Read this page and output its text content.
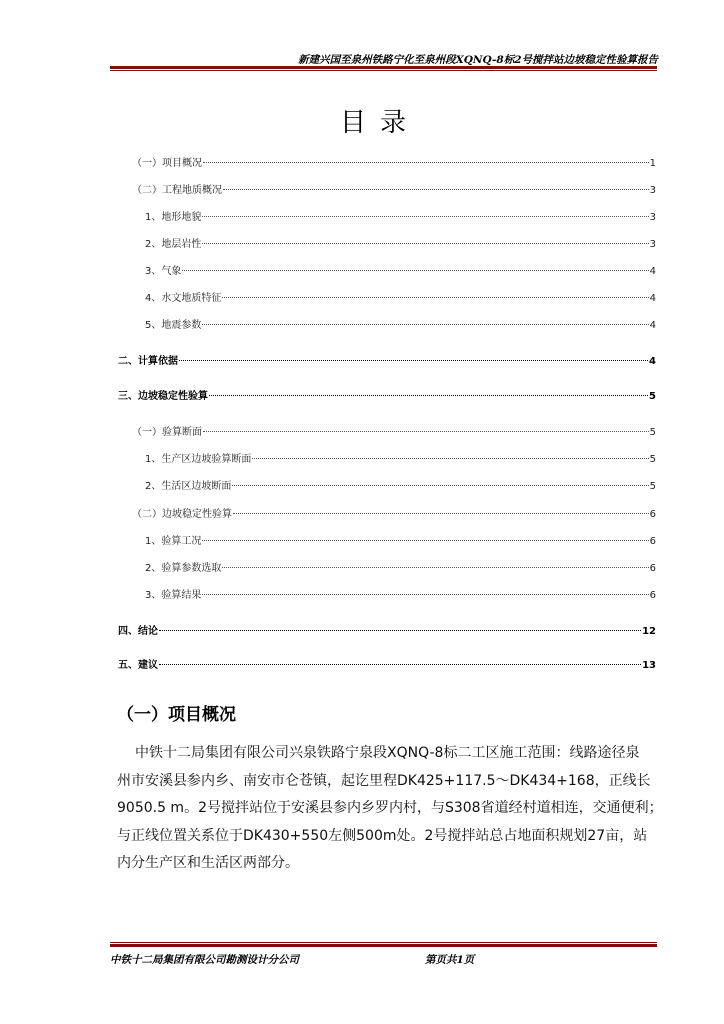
新建兴国至泉州铁路宁化至泉州段XQNQ-8标2号搅拌站边坡稳定性验算报告
目录
（一）项目概况	1
（二）工程地质概况	3
1、地形地貌	3
2、地层岩性	3
3、气象	4
4、水文地质特征	4
5、地震参数	4
二、计算依据	4
三、边坡稳定性验算	5
（一）验算断面	5
1、生产区边坡验算断面	5
2、生活区边坡断面	5
（二）边坡稳定性验算	6
1、验算工况	6
2、验算参数选取	6
3、验算结果	6
四、结论	12
五、建议	13
（一）项目概况

中铁十二局集团有限公司兴泉铁路宁泉段XQNQ-8标二工区施工范围：线路途径泉
州市安溪县参内乡、南安市仑苍镇，起讫里程DK425+117.5～DK434+168，正线长
9050.5 m。2号搅拌站位于安溪县参内乡罗内村，与S308省道经村道相连，交通便利；
与正线位置关系位于DK430+550左侧500m处。2号搅拌站总占地面积规划27亩，站
内分生产区和生活区两部分。

中铁十二局集团有限公司勘测设计分公司	第页共1页
